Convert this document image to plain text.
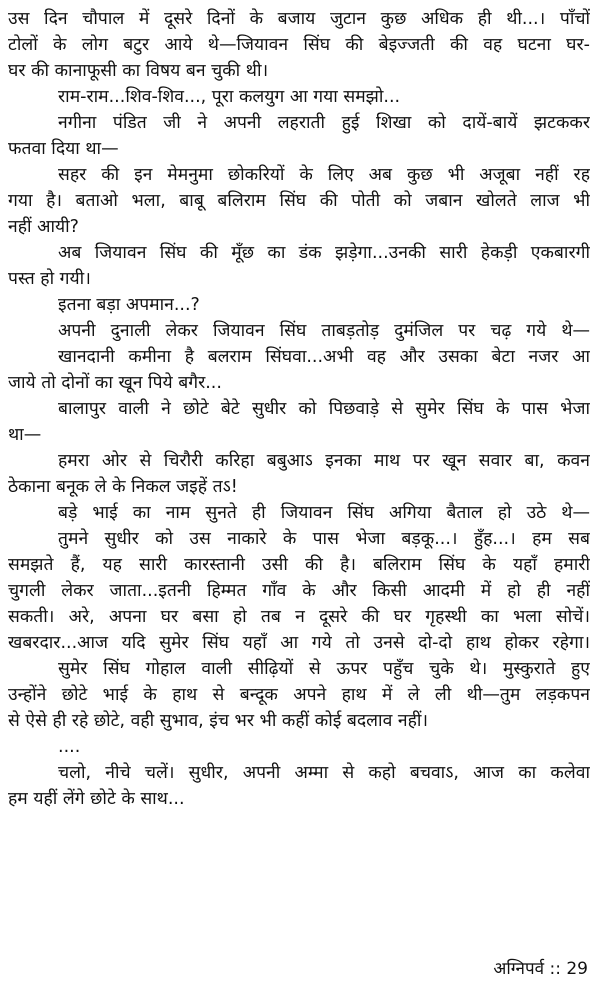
उस दिन चौपाल में दूसरे दिनों के बजाय जुटान कुछ अधिक ही थी...। पाँचों
टोलों के लोग बटुर आये थे—जियावन सिंघ की बेइज्जती की वह घटना घर-
घर की कानाफूसी का विषय बन चुकी थी।
राम-राम...शिव-शिव..., पूरा कलयुग आ गया समझो...
नगीना पंडित जी ने अपनी लहराती हुई शिखा को दायें-बायें झटककर
फतवा दिया था—
सहर की इन मेमनुमा छोकरियों के लिए अब कुछ भी अजूबा नहीं रह
गया है। बताओ भला, बाबू बलिराम सिंघ की पोती को जबान खोलते लाज भी
नहीं आयी?
अब जियावन सिंघ की मूँछ का डंक झड़ेगा...उनकी सारी हेकड़ी एकबारगी
पस्त हो गयी।
इतना बड़ा अपमान...?
अपनी दुनाली लेकर जियावन सिंघ ताबड़तोड़ दुमंजिल पर चढ़ गये थे—
खानदानी कमीना है बलराम सिंघवा...अभी वह और उसका बेटा नजर आ
जाये तो दोनों का खून पिये बगैर...
बालापुर वाली ने छोटे बेटे सुधीर को पिछवाड़े से सुमेर सिंघ के पास भेजा
था—
हमरा ओर से चिरौरी करिहा बबुआऽ इनका माथ पर खून सवार बा, कवन
ठेकाना बनूक ले के निकल जइहें तऽ!
बड़े भाई का नाम सुनते ही जियावन सिंघ अगिया बैताल हो उठे थे—
तुमने सुधीर को उस नाकारे के पास भेजा बड़कू...। हुँह...। हम सब
समझते हैं, यह सारी कारस्तानी उसी की है। बलिराम सिंघ के यहाँ हमारी
चुगली लेकर जाता...इतनी हिम्मत गाँव के और किसी आदमी में हो ही नहीं
सकती। अरे, अपना घर बसा हो तब न दूसरे की घर गृहस्थी का भला सोचें।
खबरदार...आज यदि सुमेर सिंघ यहाँ आ गये तो उनसे दो-दो हाथ होकर रहेगा।
सुमेर सिंघ गोहाल वाली सीढ़ियों से ऊपर पहुँच चुके थे। मुस्कुराते हुए
उन्होंने छोटे भाई के हाथ से बन्दूक अपने हाथ में ले ली थी—तुम लड़कपन
से ऐसे ही रहे छोटे, वही सुभाव, इंच भर भी कहीं कोई बदलाव नहीं।
....
चलो, नीचे चलें। सुधीर, अपनी अम्मा से कहो बचवाऽ, आज का कलेवा
हम यहीं लेंगे छोटे के साथ...
अग्निपर्व :: 29
